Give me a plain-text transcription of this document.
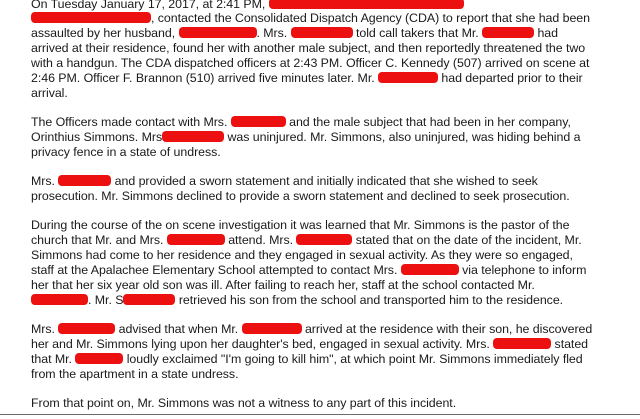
On Tuesday January 17, 2017, at 2:41 PM,
, contacted the Consolidated Dispatch Agency (CDA) to report that she had been
assaulted by her husband,	. Mrs.	told call takers that Mr.	had
arrived at their residence, found her with another male subject, and then reportedly threatened the two
with a handgun. The CDA dispatched officers at 2:43 PM. Officer C. Kennedy (507) arrived on scene at
2:46 PM. Officer F. Brannon (510) arrived five minutes later. Mr.	had departed prior to their
arrival.
The Officers made contact with Mrs.	and the male subject that had been in her company,
Orinthius Simmons. Mrs	was uninjured. Mr. Simmons, also uninjured, was hiding behind a
privacy fence in a state of undress.
Mrs.	and provided a sworn statement and initially indicated that she wished to seek
prosecution. Mr. Simmons declined to provide a sworn statement and declined to seek prosecution.
During the course of the on scene investigation it was learned that Mr. Simmons is the pastor of the
church that Mr. and Mrs.	attend. Mrs.	stated that on the date of the incident, Mr.
Simmons had come to her residence and they engaged in sexual activity. As they were so engaged,
staff at the Apalachee Elementary School attempted to contact Mrs.	via telephone to inform
her that her six year old son was ill. After failing to reach her, staff at the school contacted Mr.
. Mr. S	retrieved his son from the school and transported him to the residence.
Mrs.	advised that when Mr.	arrived at the residence with their son, he discovered
her and Mr. Simmons lying upon her daughter's bed, engaged in sexual activity. Mrs.	stated
that Mr.	loudly exclaimed "I'm going to kill him", at which point Mr. Simmons immediately fled
from the apartment in a state undress.
From that point on, Mr. Simmons was not a witness to any part of this incident.
